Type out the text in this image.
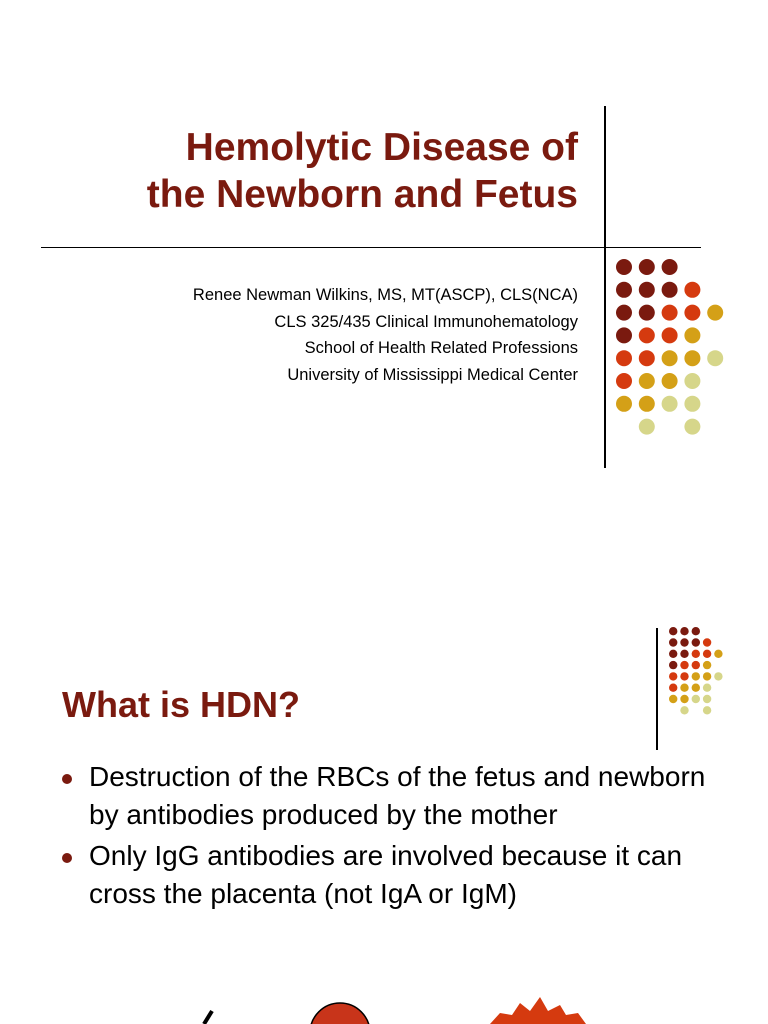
Hemolytic Disease of
the Newborn and Fetus
Renee Newman Wilkins, MS, MT(ASCP), CLS(NCA)
CLS 325/435 Clinical Immunohematology
School of Health Related Professions
University of Mississippi Medical Center
What is HDN?
Destruction of the RBCs of the fetus and newborn by antibodies produced by the mother
Only IgG antibodies are involved because it can cross the placenta (not IgA or IgM)
